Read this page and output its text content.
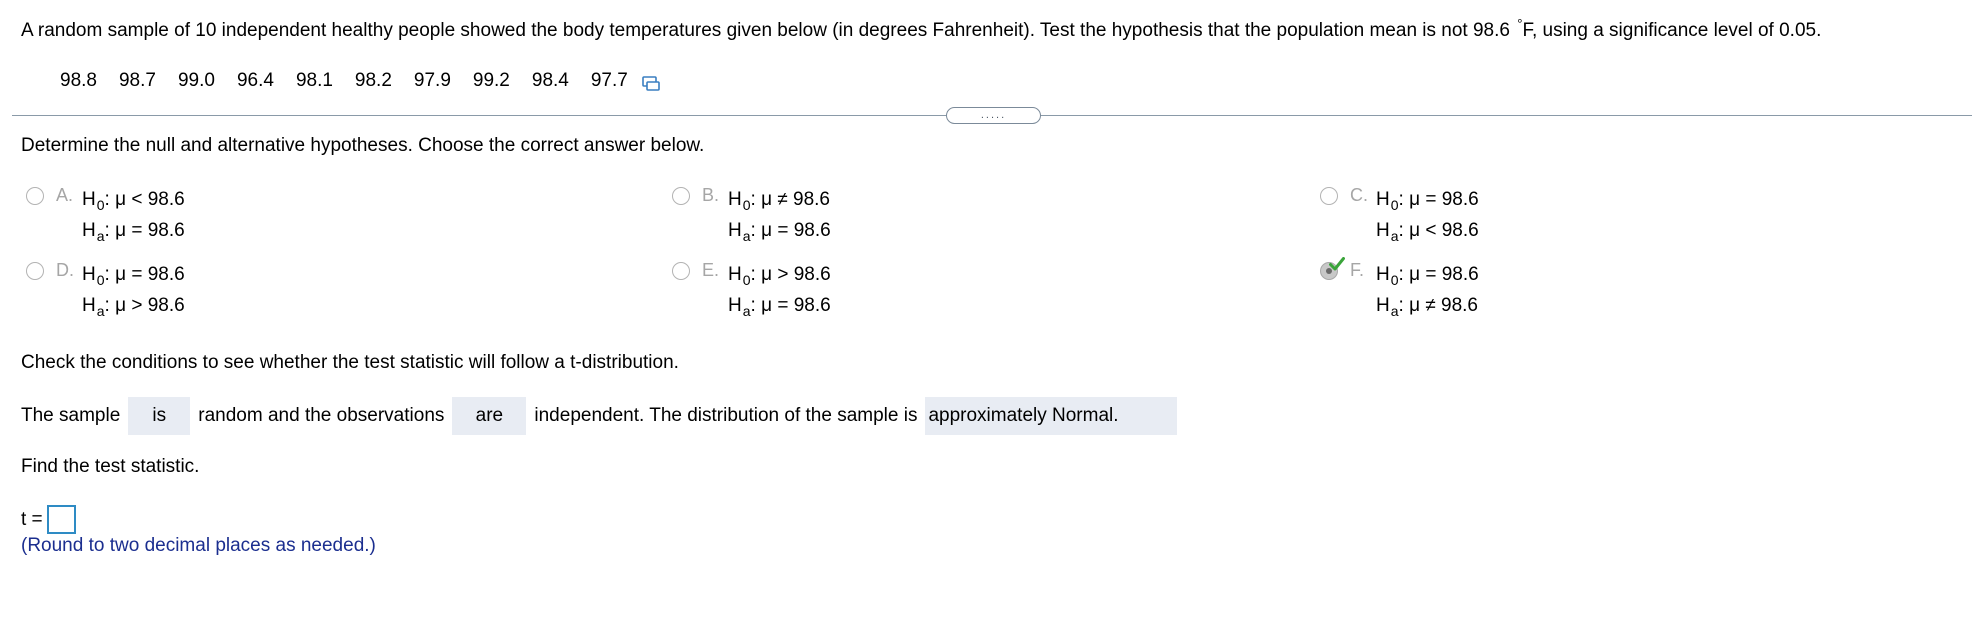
A random sample of 10 independent healthy people showed the body temperatures given below (in degrees Fahrenheit). Test the hypothesis that the population mean is not 98.6 °F, using a significance level of 0.05.
98.8 98.7 99.0 96.4 98.1 98.2 97.9 99.2 98.4 97.7
.....
Determine the null and alternative hypotheses. Choose the correct answer below.
A. $H_0$: μ < 98.6
$H_a$: μ = 98.6
B. $H_0$: μ ≠ 98.6
$H_a$: μ = 98.6
C. $H_0$: μ = 98.6
$H_a$: μ < 98.6
D. $H_0$: μ = 98.6
$H_a$: μ > 98.6
E. $H_0$: μ > 98.6
$H_a$: μ = 98.6
F. $H_0$: μ = 98.6
$H_a$: μ ≠ 98.6
Check the conditions to see whether the test statistic will follow a t-distribution.
The sample	is	random and the observations	are	independent. The distribution of the sample is approximately Normal.
Find the test statistic.
t =
(Round to two decimal places as needed.)
